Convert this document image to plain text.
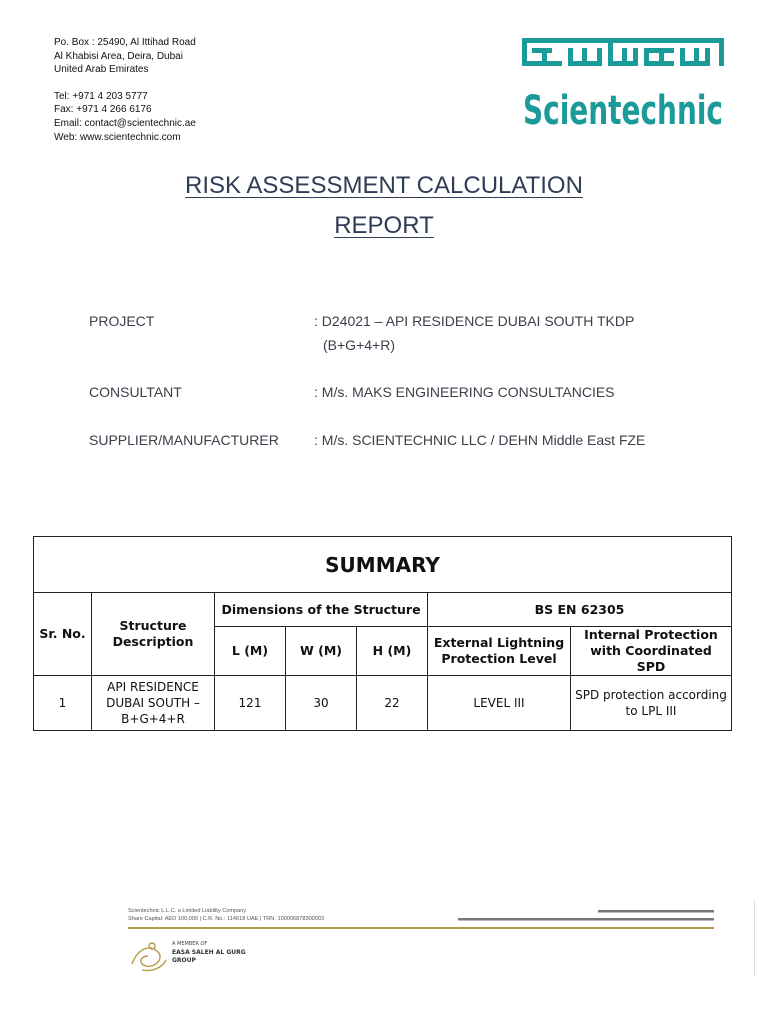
Po. Box : 25490, Al Ittihad Road
Al Khabisi Area, Deira, Dubai
United Arab Emirates
Tel: +971 4 203 5777
Fax: +971 4 266 6176
Email: contact@scientechnic.ae
Web: www.scientechnic.com
Scientechnic
RISK ASSESSMENT CALCULATION
REPORT
PROJECT	: D24021 – API RESIDENCE DUBAI SOUTH TKDP
(B+G+4+R)
CONSULTANT	: M/s. MAKS ENGINEERING CONSULTANCIES
SUPPLIER/MANUFACTURER	: M/s. SCIENTECHNIC LLC / DEHN Middle East FZE
SUMMARY						
Sr. No.	Structure Description	Dimensions of the Structure			BS EN 62305	
		L (M)	W (M)	H (M)	External Lightning Protection Level	Internal Protection with Coordinated SPD
1	API RESIDENCE DUBAI SOUTH – B+G+4+R	121	30	22	LEVEL III	SPD protection according to LPL III
Scientechnic L.L.C. a Limited Liability Company
Share Capital: AED 100,000 | C.R. No.: 114618 UAE | TRN: 100006878300003
A MEMBER OF
EASA SALEH AL GURG
GROUP
